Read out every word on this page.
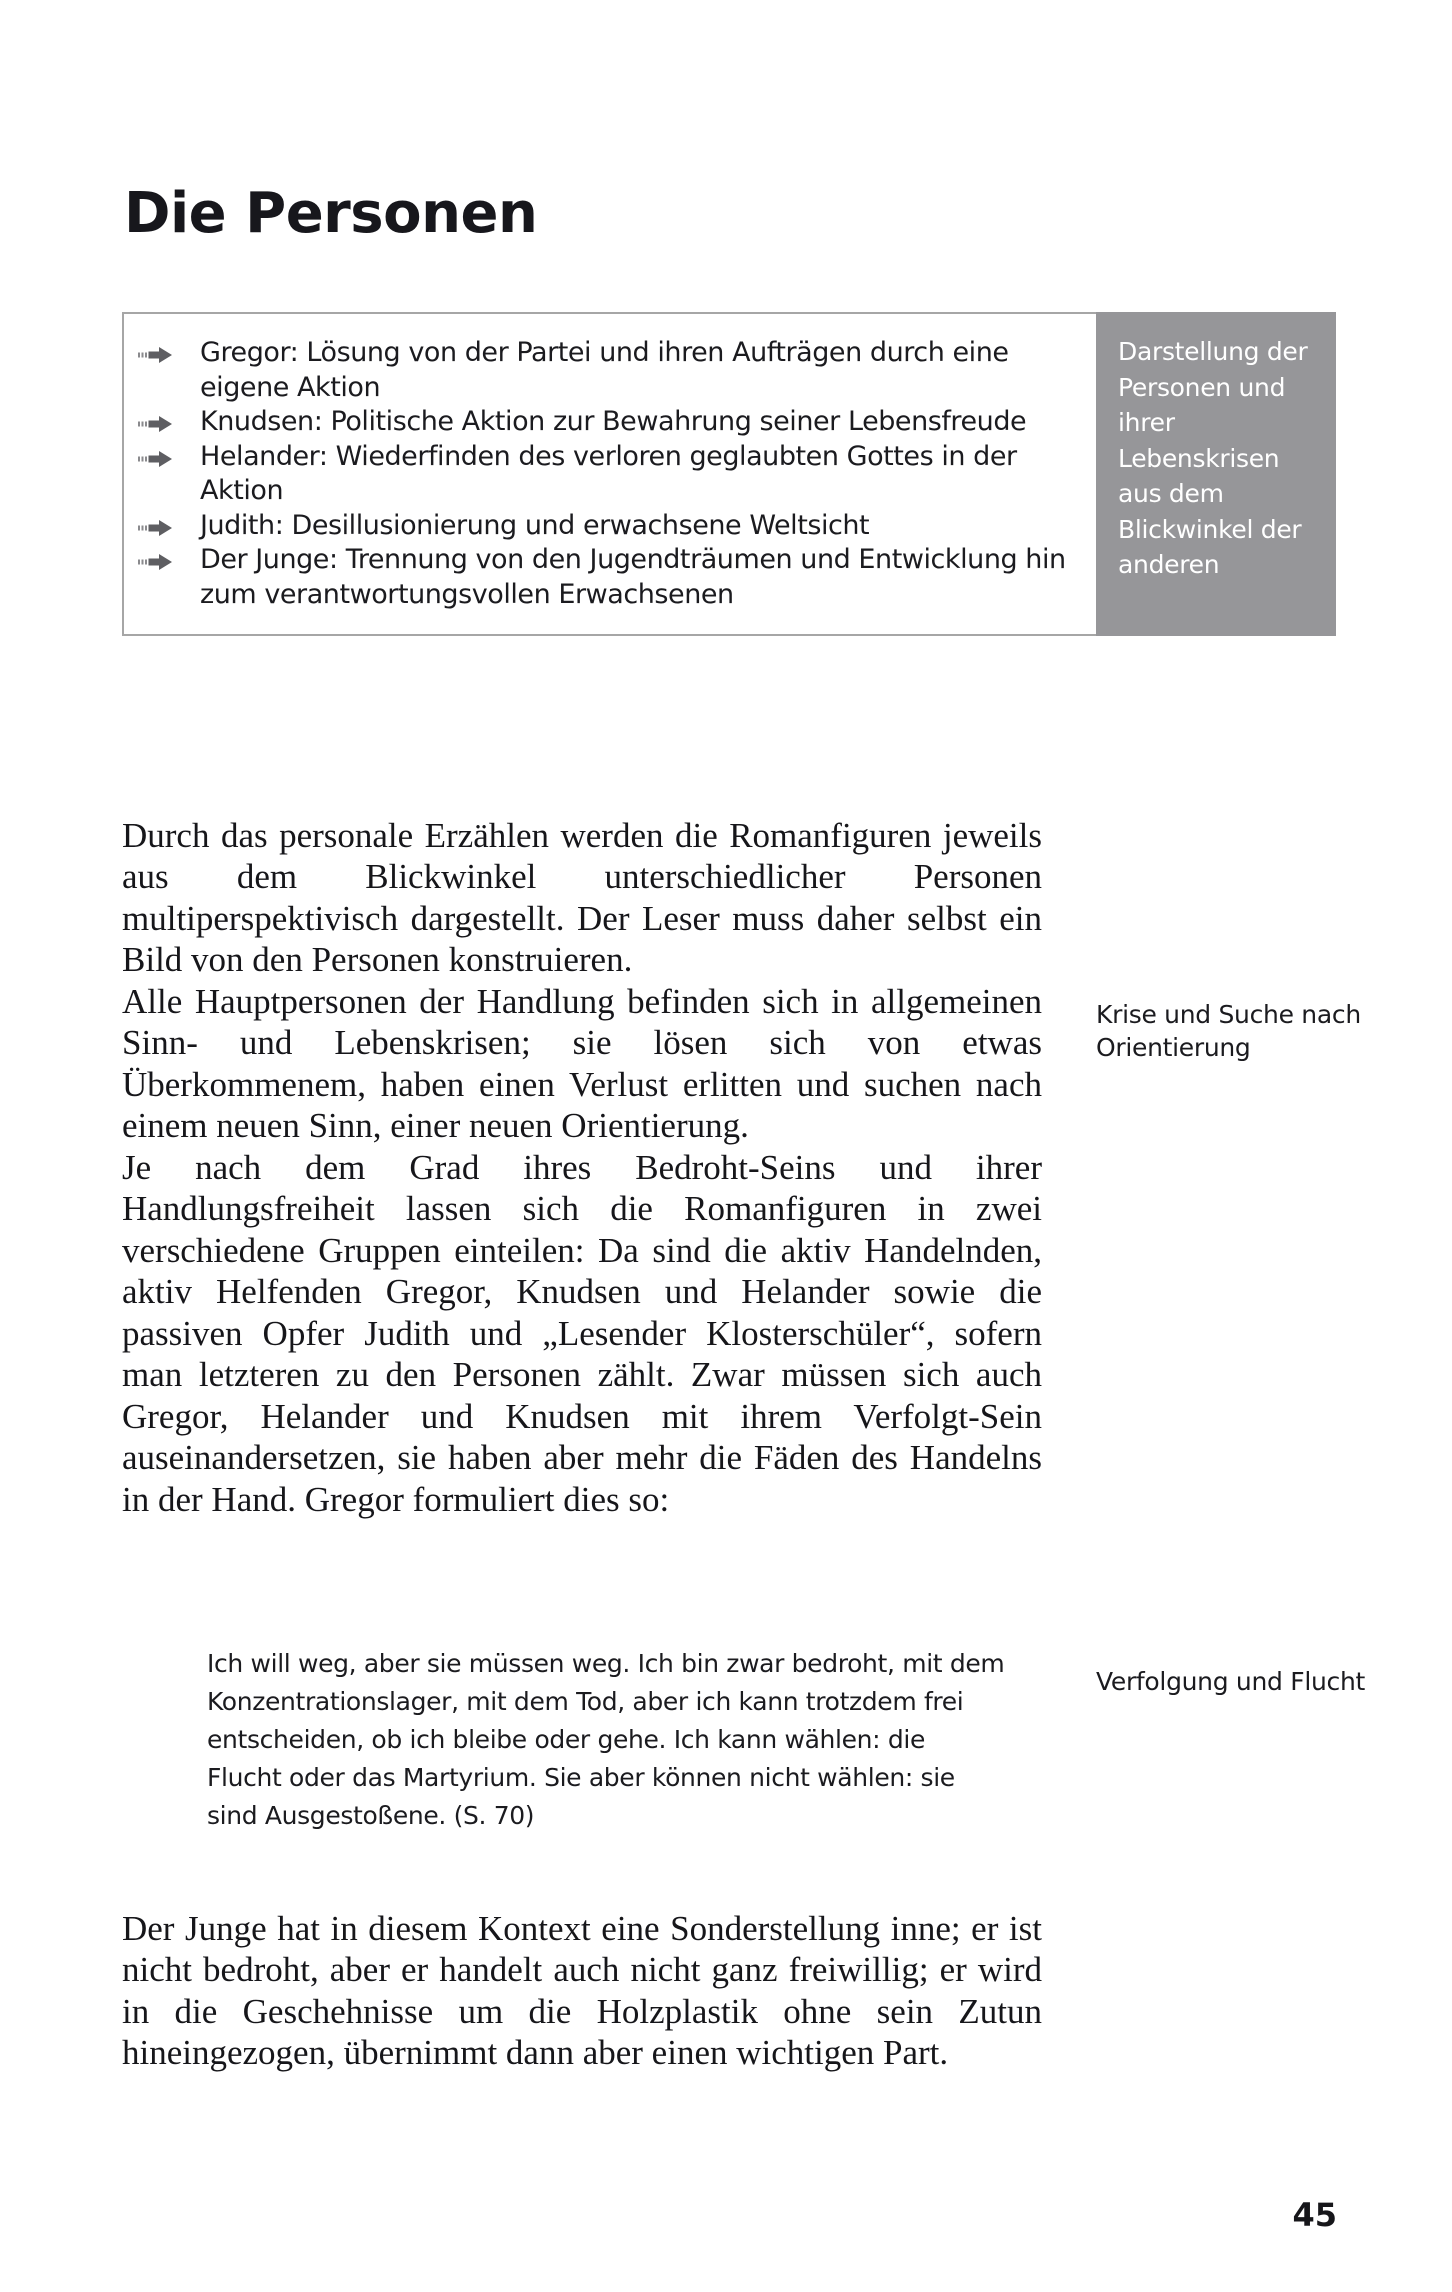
Die Personen
Gregor: Lösung von der Partei und ihren Aufträgen durch eine eigene Aktion
Knudsen: Politische Aktion zur Bewahrung seiner Lebensfreude
Helander: Wiederfinden des verloren geglaubten Gottes in der Aktion
Judith: Desillusionierung und erwachsene Weltsicht
Der Junge: Trennung von den Jugendträumen und Entwicklung hin zum verantwortungsvollen Erwachsenen
Darstellung der Personen und ihrer Lebenskrisen aus dem Blickwinkel der anderen

Durch das personale Erzählen werden die Romanfiguren jeweils aus dem Blickwinkel unterschiedlicher Personen multiperspektivisch dargestellt. Der Leser muss daher selbst ein Bild von den Personen konstruieren.

Alle Hauptpersonen der Handlung befinden sich in allgemeinen Sinn- und Lebenskrisen; sie lösen sich von etwas Überkommenem, haben einen Verlust erlitten und suchen nach einem neuen Sinn, einer neuen Orientierung.

Je nach dem Grad ihres Bedroht-Seins und ihrer Handlungsfreiheit lassen sich die Romanfiguren in zwei verschiedene Gruppen einteilen: Da sind die aktiv Handelnden, aktiv Helfenden Gregor, Knudsen und Helander sowie die passiven Opfer Judith und „Lesender Klosterschüler“, sofern man letzteren zu den Personen zählt. Zwar müssen sich auch Gregor, Helander und Knudsen mit ihrem Verfolgt-Sein auseinandersetzen, sie haben aber mehr die Fäden des Handelns in der Hand. Gregor formuliert dies so:

Ich will weg, aber sie müssen weg. Ich bin zwar bedroht, mit dem Konzentrationslager, mit dem Tod, aber ich kann trotzdem frei entscheiden, ob ich bleibe oder gehe. Ich kann wählen: die Flucht oder das Martyrium. Sie aber können nicht wählen: sie sind Ausgestoßene. (S. 70)
Der Junge hat in diesem Kontext eine Sonderstellung inne; er ist nicht bedroht, aber er handelt auch nicht ganz freiwillig; er wird in die Geschehnisse um die Holzplastik ohne sein Zutun hineingezogen, übernimmt dann aber einen wichtigen Part.
Krise und Suche nach Orientierung
Verfolgung und Flucht
45
